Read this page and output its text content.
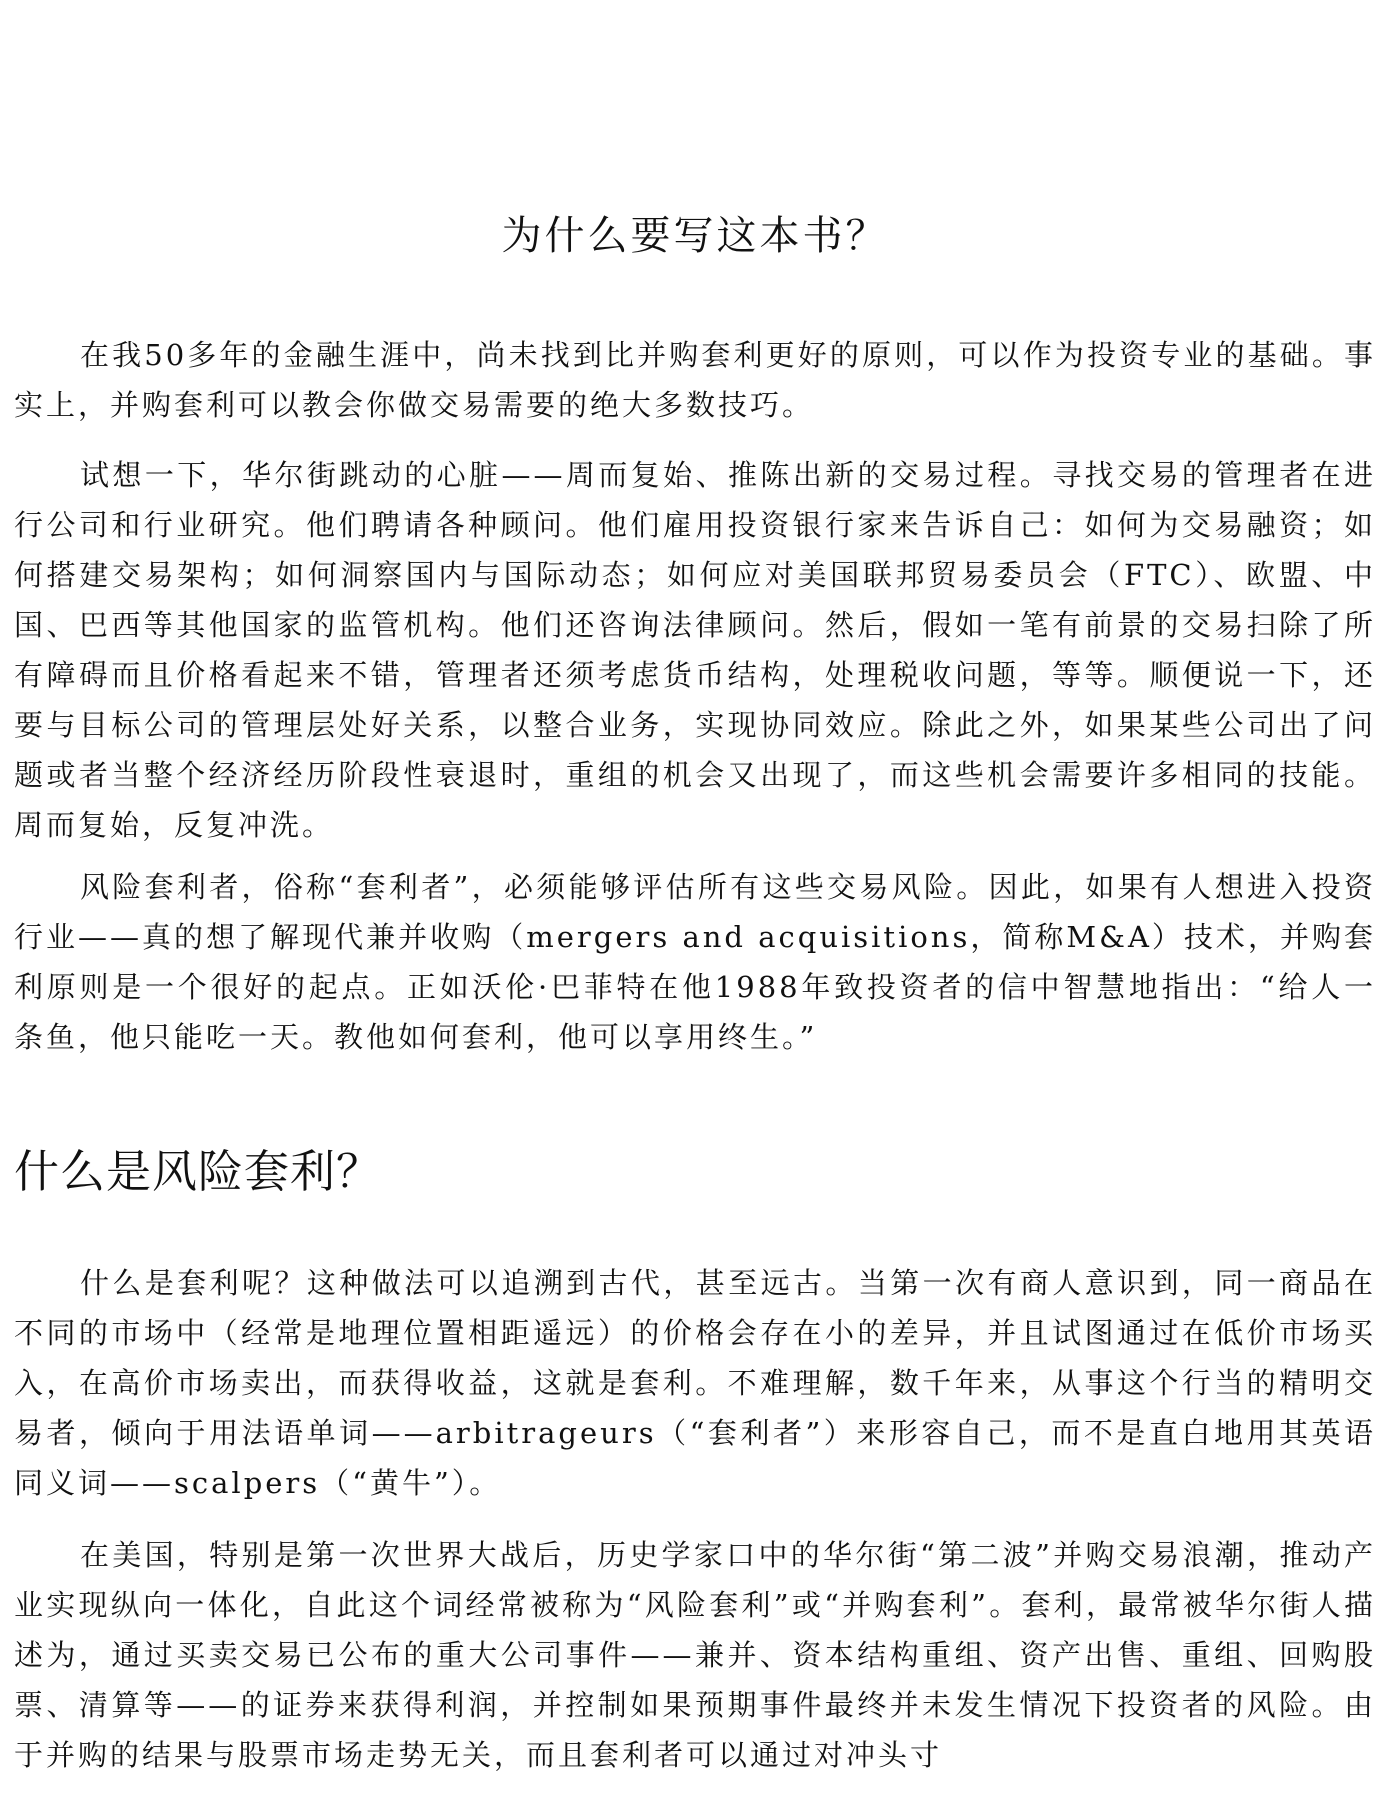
为什么要写这本书？

在我50多年的金融生涯中，尚未找到比并购套利更好的原则，可以作为投资专业的基础。事实上，并购套利可以教会你做交易需要的绝大多数技巧。

试想一下，华尔街跳动的心脏——周而复始、推陈出新的交易过程。寻找交易的管理者在进行公司和行业研究。他们聘请各种顾问。他们雇用投资银行家来告诉自己：如何为交易融资；如何搭建交易架构；如何洞察国内与国际动态；如何应对美国联邦贸易委员会（FTC）、欧盟、中国、巴西等其他国家的监管机构。他们还咨询法律顾问。然后，假如一笔有前景的交易扫除了所有障碍而且价格看起来不错，管理者还须考虑货币结构，处理税收问题，等等。顺便说一下，还要与目标公司的管理层处好关系，以整合业务，实现协同效应。除此之外，如果某些公司出了问题或者当整个经济经历阶段性衰退时，重组的机会又出现了，而这些机会需要许多相同的技能。周而复始，反复冲洗。

风险套利者，俗称“套利者”，必须能够评估所有这些交易风险。因此，如果有人想进入投资行业——真的想了解现代兼并收购（mergers and acquisitions，简称M&A）技术，并购套利原则是一个很好的起点。正如沃伦·巴菲特在他1988年致投资者的信中智慧地指出：“给人一条鱼，他只能吃一天。教他如何套利，他可以享用终生。”

什么是风险套利？

什么是套利呢？这种做法可以追溯到古代，甚至远古。当第一次有商人意识到，同一商品在不同的市场中（经常是地理位置相距遥远）的价格会存在小的差异，并且试图通过在低价市场买入，在高价市场卖出，而获得收益，这就是套利。不难理解，数千年来，从事这个行当的精明交易者，倾向于用法语单词——arbitrageurs（“套利者”）来形容自己，而不是直白地用其英语同义词——scalpers（“黄牛”）。

在美国，特别是第一次世界大战后，历史学家口中的华尔街“第二波”并购交易浪潮，推动产业实现纵向一体化，自此这个词经常被称为“风险套利”或“并购套利”。套利，最常被华尔街人描述为，通过买卖交易已公布的重大公司事件——兼并、资本结构重组、资产出售、重组、回购股票、清算等——的证券来获得利润，并控制如果预期事件最终并未发生情况下投资者的风险。由于并购的结果与股票市场走势无关，而且套利者可以通过对冲头寸
